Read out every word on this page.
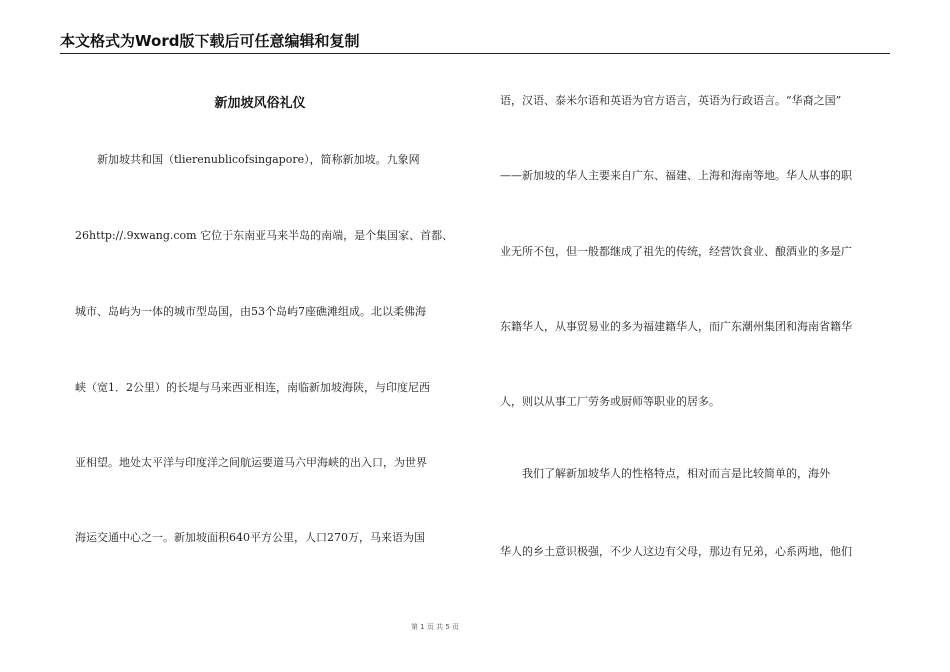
本文格式为Word版下载后可任意编辑和复制
新加坡风俗礼仪
　　新加坡共和国（tlierenublicofsingapore），简称新加坡。九象网
26http://.9xwang.com 它位于东南亚马来半岛的南端，是个集国家、首都、
城市、岛屿为一体的城市型岛国，由53个岛屿7座礁滩组成。北以柔佛海
峡（宽1．2公里）的长堤与马来西亚相连，南临新加坡海陕，与印度尼西
亚相望。地处太平洋与印度洋之间航运要道马六甲海峡的出入口，为世界
海运交通中心之一。新加坡面积640平方公里，人口270万，马来语为国
语，汉语、泰米尔语和英语为官方语言，英语为行政语言。“华裔之国”
——新加坡的华人主要来自广东、福建、上海和海南等地。华人从事的职
业无所不包，但一般都继成了祖先的传统，经营饮食业、酿酒业的多是广
东籍华人，从事贸易业的多为福建籍华人，而广东潮州集团和海南省籍华
人，则以从事工厂劳务或厨师等职业的居多。
　　我们了解新加坡华人的性格特点，相对而言是比较简单的，海外
华人的乡土意识极强，不少人这边有父母，那边有兄弟，心系两地，他们
第 1 页 共 5 页
